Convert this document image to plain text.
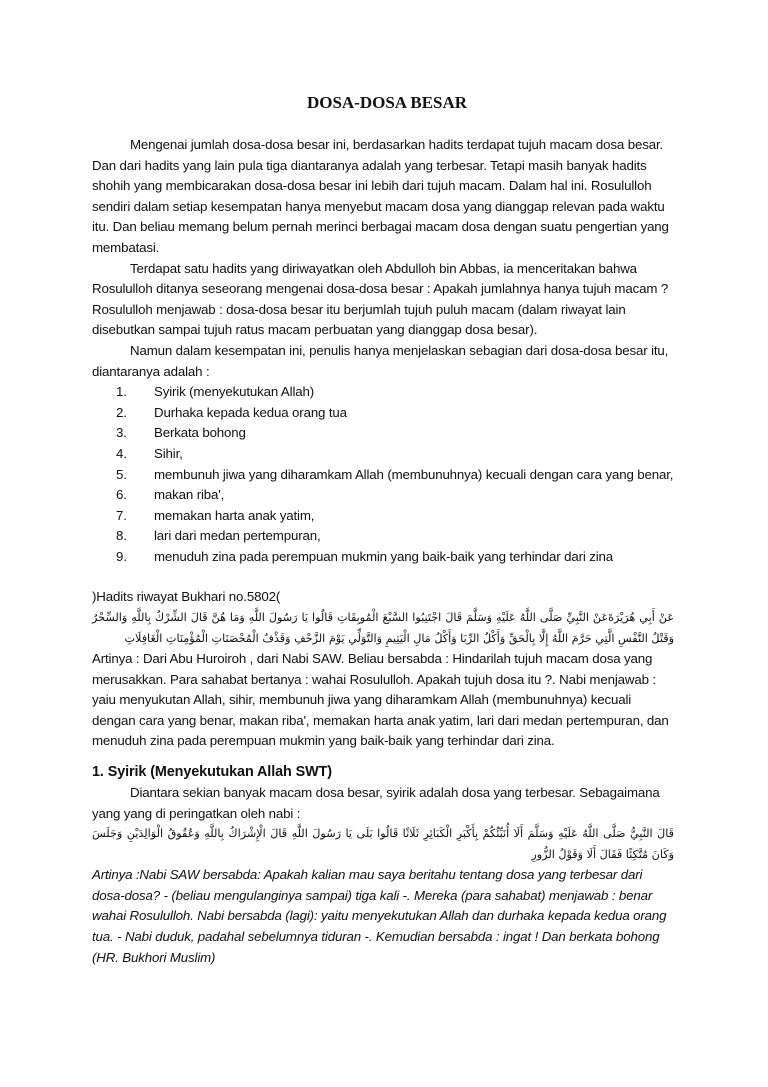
DOSA-DOSA BESAR

Mengenai jumlah dosa-dosa besar ini, berdasarkan hadits terdapat tujuh macam dosa besar. Dan dari hadits yang lain pula tiga diantaranya adalah yang terbesar. Tetapi masih banyak hadits shohih yang membicarakan dosa-dosa besar ini lebih dari tujuh macam. Dalam hal ini. Rosululloh sendiri dalam setiap kesempatan hanya menyebut macam dosa yang dianggap relevan pada waktu itu. Dan beliau memang belum pernah merinci berbagai macam dosa dengan suatu pengertian yang membatasi.

Terdapat satu hadits yang diriwayatkan oleh Abdulloh bin Abbas, ia menceritakan bahwa Rosululloh ditanya seseorang mengenai dosa-dosa besar : Apakah jumlahnya hanya tujuh macam ? Rosululloh menjawab : dosa-dosa besar itu berjumlah tujuh puluh macam (dalam riwayat lain disebutkan sampai tujuh ratus macam perbuatan yang dianggap dosa besar).

Namun dalam kesempatan ini, penulis hanya menjelaskan sebagian dari dosa-dosa besar itu, diantaranya adalah :

1. Syirik (menyekutukan Allah)
2. Durhaka kepada kedua orang tua
3. Berkata bohong
4. Sihir,
5. membunuh jiwa yang diharamkam Allah (membunuhnya) kecuali dengan cara yang benar,
6. makan riba',
7. memakan harta anak yatim,
8. lari dari medan pertempuran,
9. menuduh zina pada perempuan mukmin yang baik-baik yang terhindar dari zina

)Hadits riwayat Bukhari no.5802(

عَنْ أَبِي هُرَيْرَةَعَنْ النَّبِيِّ صَلَّى اللَّهُ عَلَيْهِ وَسَلَّمَ قَالَ اجْتَنِبُوا السَّبْعَ الْمُوبِقَاتِ قَالُوا يَا رَسُولَ اللَّهِ وَمَا هُنَّ قَالَ الشِّرْكُ بِاللَّهِ وَالسِّحْرُ وَقَتْلُ النَّفْسِ الَّتِي حَرَّمَ اللَّهُ إِلَّا بِالْحَقِّ وَأَكْلُ الرِّبَا وَأَكْلُ مَالِ الْيَتِيمِ وَالتَّوَلِّي يَوْمَ الزَّحْفِ وَقَذْفُ الْمُحْصَنَاتِ الْمُؤْمِنَاتِ الْغَافِلَاتِ

Artinya : Dari Abu Huroiroh , dari Nabi SAW. Beliau bersabda : Hindarilah tujuh macam dosa yang merusakkan. Para sahabat bertanya : wahai Rosululloh. Apakah tujuh dosa itu ?. Nabi menjawab : yaiu menyukutan Allah, sihir, membunuh jiwa yang diharamkam Allah (membunuhnya) kecuali dengan cara yang benar, makan riba', memakan harta anak yatim, lari dari medan pertempuran, dan menuduh zina pada perempuan mukmin yang baik-baik yang terhindar dari zina.

1. Syirik (Menyekutukan Allah SWT)

Diantara sekian banyak macam dosa besar, syirik adalah dosa yang terbesar. Sebagaimana yang yang di peringatkan oleh nabi :

قَالَ النَّبِيُّ صَلَّى اللَّهُ عَلَيْهِ وَسَلَّمَ أَلَا أُنَبِّئُكُمْ بِأَكْبَرِ الْكَبَائِرِ ثَلَاثًا قَالُوا بَلَى يَا رَسُولَ اللَّهِ قَالَ الْإِشْرَاكُ بِاللَّهِ وَعُقُوقُ الْوَالِدَيْنِ وَجَلَسَ وَكَانَ مُتَّكِئًا فَقَالَ أَلَا وَقَوْلُ الزُّورِ

Artinya :Nabi SAW bersabda: Apakah kalian mau saya beritahu tentang dosa yang terbesar dari dosa-dosa? - (beliau mengulanginya sampai) tiga kali -. Mereka (para sahabat) menjawab : benar wahai Rosululloh. Nabi bersabda (lagi): yaitu menyekutukan Allah dan durhaka kepada kedua orang tua. - Nabi duduk, padahal sebelumnya tiduran -. Kemudian bersabda : ingat ! Dan berkata bohong

(HR. Bukhori Muslim)
